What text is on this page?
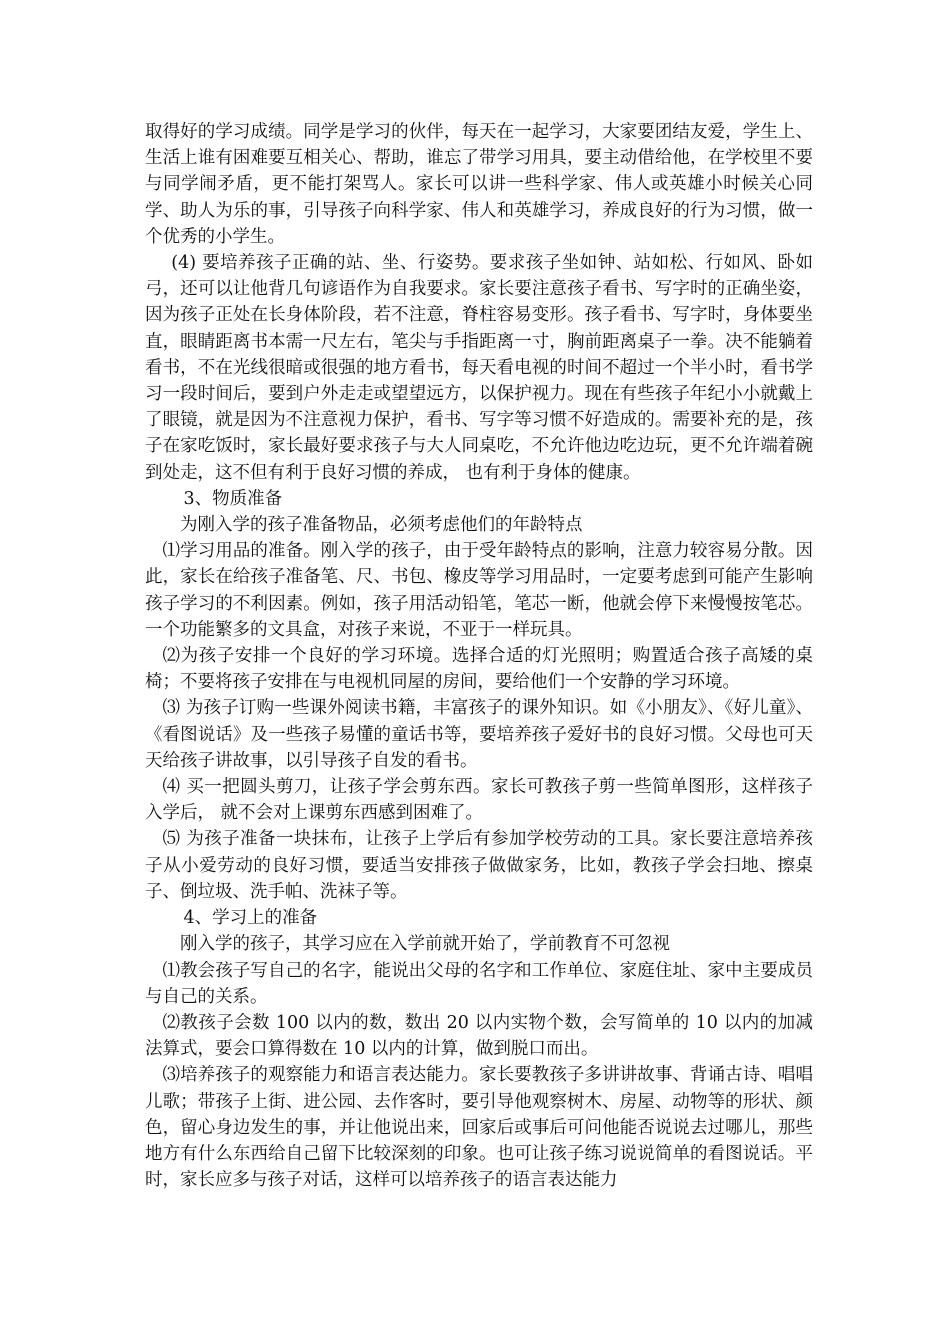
取得好的学习成绩。同学是学习的伙伴，每天在一起学习，大家要团结友爱，学生上、生活上谁有困难要互相关心、帮助，谁忘了带学习用具，要主动借给他，在学校里不要与同学闹矛盾，更不能打架骂人。家长可以讲一些科学家、伟人或英雄小时候关心同学、助人为乐的事，引导孩子向科学家、伟人和英雄学习，养成良好的行为习惯，做一个优秀的小学生。

(4) 要培养孩子正确的站、坐、行姿势。要求孩子坐如钟、站如松、行如风、卧如弓，还可以让他背几句谚语作为自我要求。家长要注意孩子看书、写字时的正确坐姿，因为孩子正处在长身体阶段，若不注意，脊柱容易变形。孩子看书、写字时，身体要坐直，眼睛距离书本需一尺左右，笔尖与手指距离一寸，胸前距离桌子一拳。决不能躺着看书，不在光线很暗或很强的地方看书，每天看电视的时间不超过一个半小时，看书学习一段时间后，要到户外走走或望望远方，以保护视力。现在有些孩子年纪小小就戴上了眼镜，就是因为不注意视力保护，看书、写字等习惯不好造成的。需要补充的是，孩子在家吃饭时，家长最好要求孩子与大人同桌吃，不允许他边吃边玩，更不允许端着碗到处走，这不但有利于良好习惯的养成， 也有利于身体的健康。

3、物质准备

为刚入学的孩子准备物品，必须考虑他们的年龄特点

⑴学习用品的准备。刚入学的孩子，由于受年龄特点的影响，注意力较容易分散。因此，家长在给孩子准备笔、尺、书包、橡皮等学习用品时，一定要考虑到可能产生影响孩子学习的不利因素。例如，孩子用活动铅笔，笔芯一断，他就会停下来慢慢按笔芯。一个功能繁多的文具盒，对孩子来说，不亚于一样玩具。

⑵为孩子安排一个良好的学习环境。选择合适的灯光照明；购置适合孩子高矮的桌椅；不要将孩子安排在与电视机同屋的房间，要给他们一个安静的学习环境。

⑶ 为孩子订购一些课外阅读书籍，丰富孩子的课外知识。如《小朋友》、《好儿童》、《看图说话》及一些孩子易懂的童话书等，要培养孩子爱好书的良好习惯。父母也可天天给孩子讲故事，以引导孩子自发的看书。

⑷ 买一把圆头剪刀，让孩子学会剪东西。家长可教孩子剪一些简单图形，这样孩子入学后， 就不会对上课剪东西感到困难了。

⑸ 为孩子准备一块抹布，让孩子上学后有参加学校劳动的工具。家长要注意培养孩子从小爱劳动的良好习惯，要适当安排孩子做做家务，比如，教孩子学会扫地、擦桌子、倒垃圾、洗手帕、洗袜子等。

4、学习上的准备

刚入学的孩子，其学习应在入学前就开始了，学前教育不可忽视

⑴教会孩子写自己的名字，能说出父母的名字和工作单位、家庭住址、家中主要成员与自己的关系。

⑵教孩子会数 100 以内的数，数出 20 以内实物个数，会写简单的 10 以内的加减法算式，要会口算得数在 10 以内的计算，做到脱口而出。

⑶培养孩子的观察能力和语言表达能力。家长要教孩子多讲讲故事、背诵古诗、唱唱儿歌；带孩子上街、进公园、去作客时，要引导他观察树木、房屋、动物等的形状、颜色，留心身边发生的事，并让他说出来，回家后或事后可问他能否说说去过哪儿，那些地方有什么东西给自己留下比较深刻的印象。也可让孩子练习说说简单的看图说话。平时，家长应多与孩子对话，这样可以培养孩子的语言表达能力
